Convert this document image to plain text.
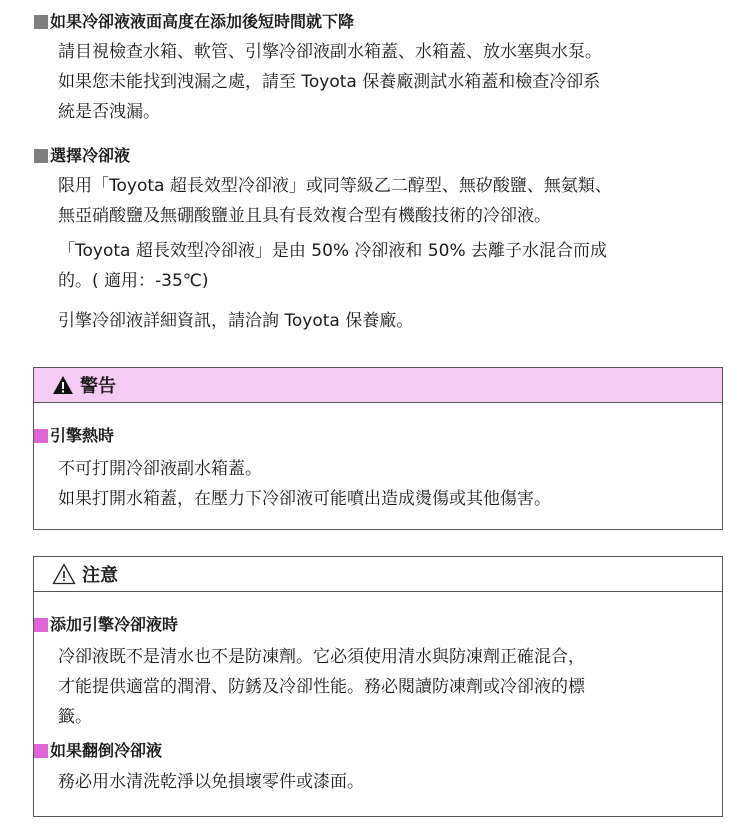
如果冷卻液液面高度在添加後短時間就下降
請目視檢查水箱、軟管、引擎冷卻液副水箱蓋、水箱蓋、放水塞與水泵。
如果您未能找到洩漏之處，請至 Toyota 保養廠測試水箱蓋和檢查冷卻系
統是否洩漏。
選擇冷卻液
限用「Toyota 超長效型冷卻液」或同等級乙二醇型、無矽酸鹽、無氨類、
無亞硝酸鹽及無硼酸鹽並且具有長效複合型有機酸技術的冷卻液。
「Toyota 超長效型冷卻液」是由 50% 冷卻液和 50% 去離子水混合而成
的。( 適用：-35℃)
引擎冷卻液詳細資訊，請洽詢 Toyota 保養廠。
警告
引擎熱時
不可打開冷卻液副水箱蓋。
如果打開水箱蓋，在壓力下冷卻液可能噴出造成燙傷或其他傷害。
注意
添加引擎冷卻液時
冷卻液既不是清水也不是防凍劑。它必須使用清水與防凍劑正確混合，
才能提供適當的潤滑、防銹及冷卻性能。務必閱讀防凍劑或冷卻液的標
籤。
如果翻倒冷卻液
務必用水清洗乾淨以免損壞零件或漆面。
